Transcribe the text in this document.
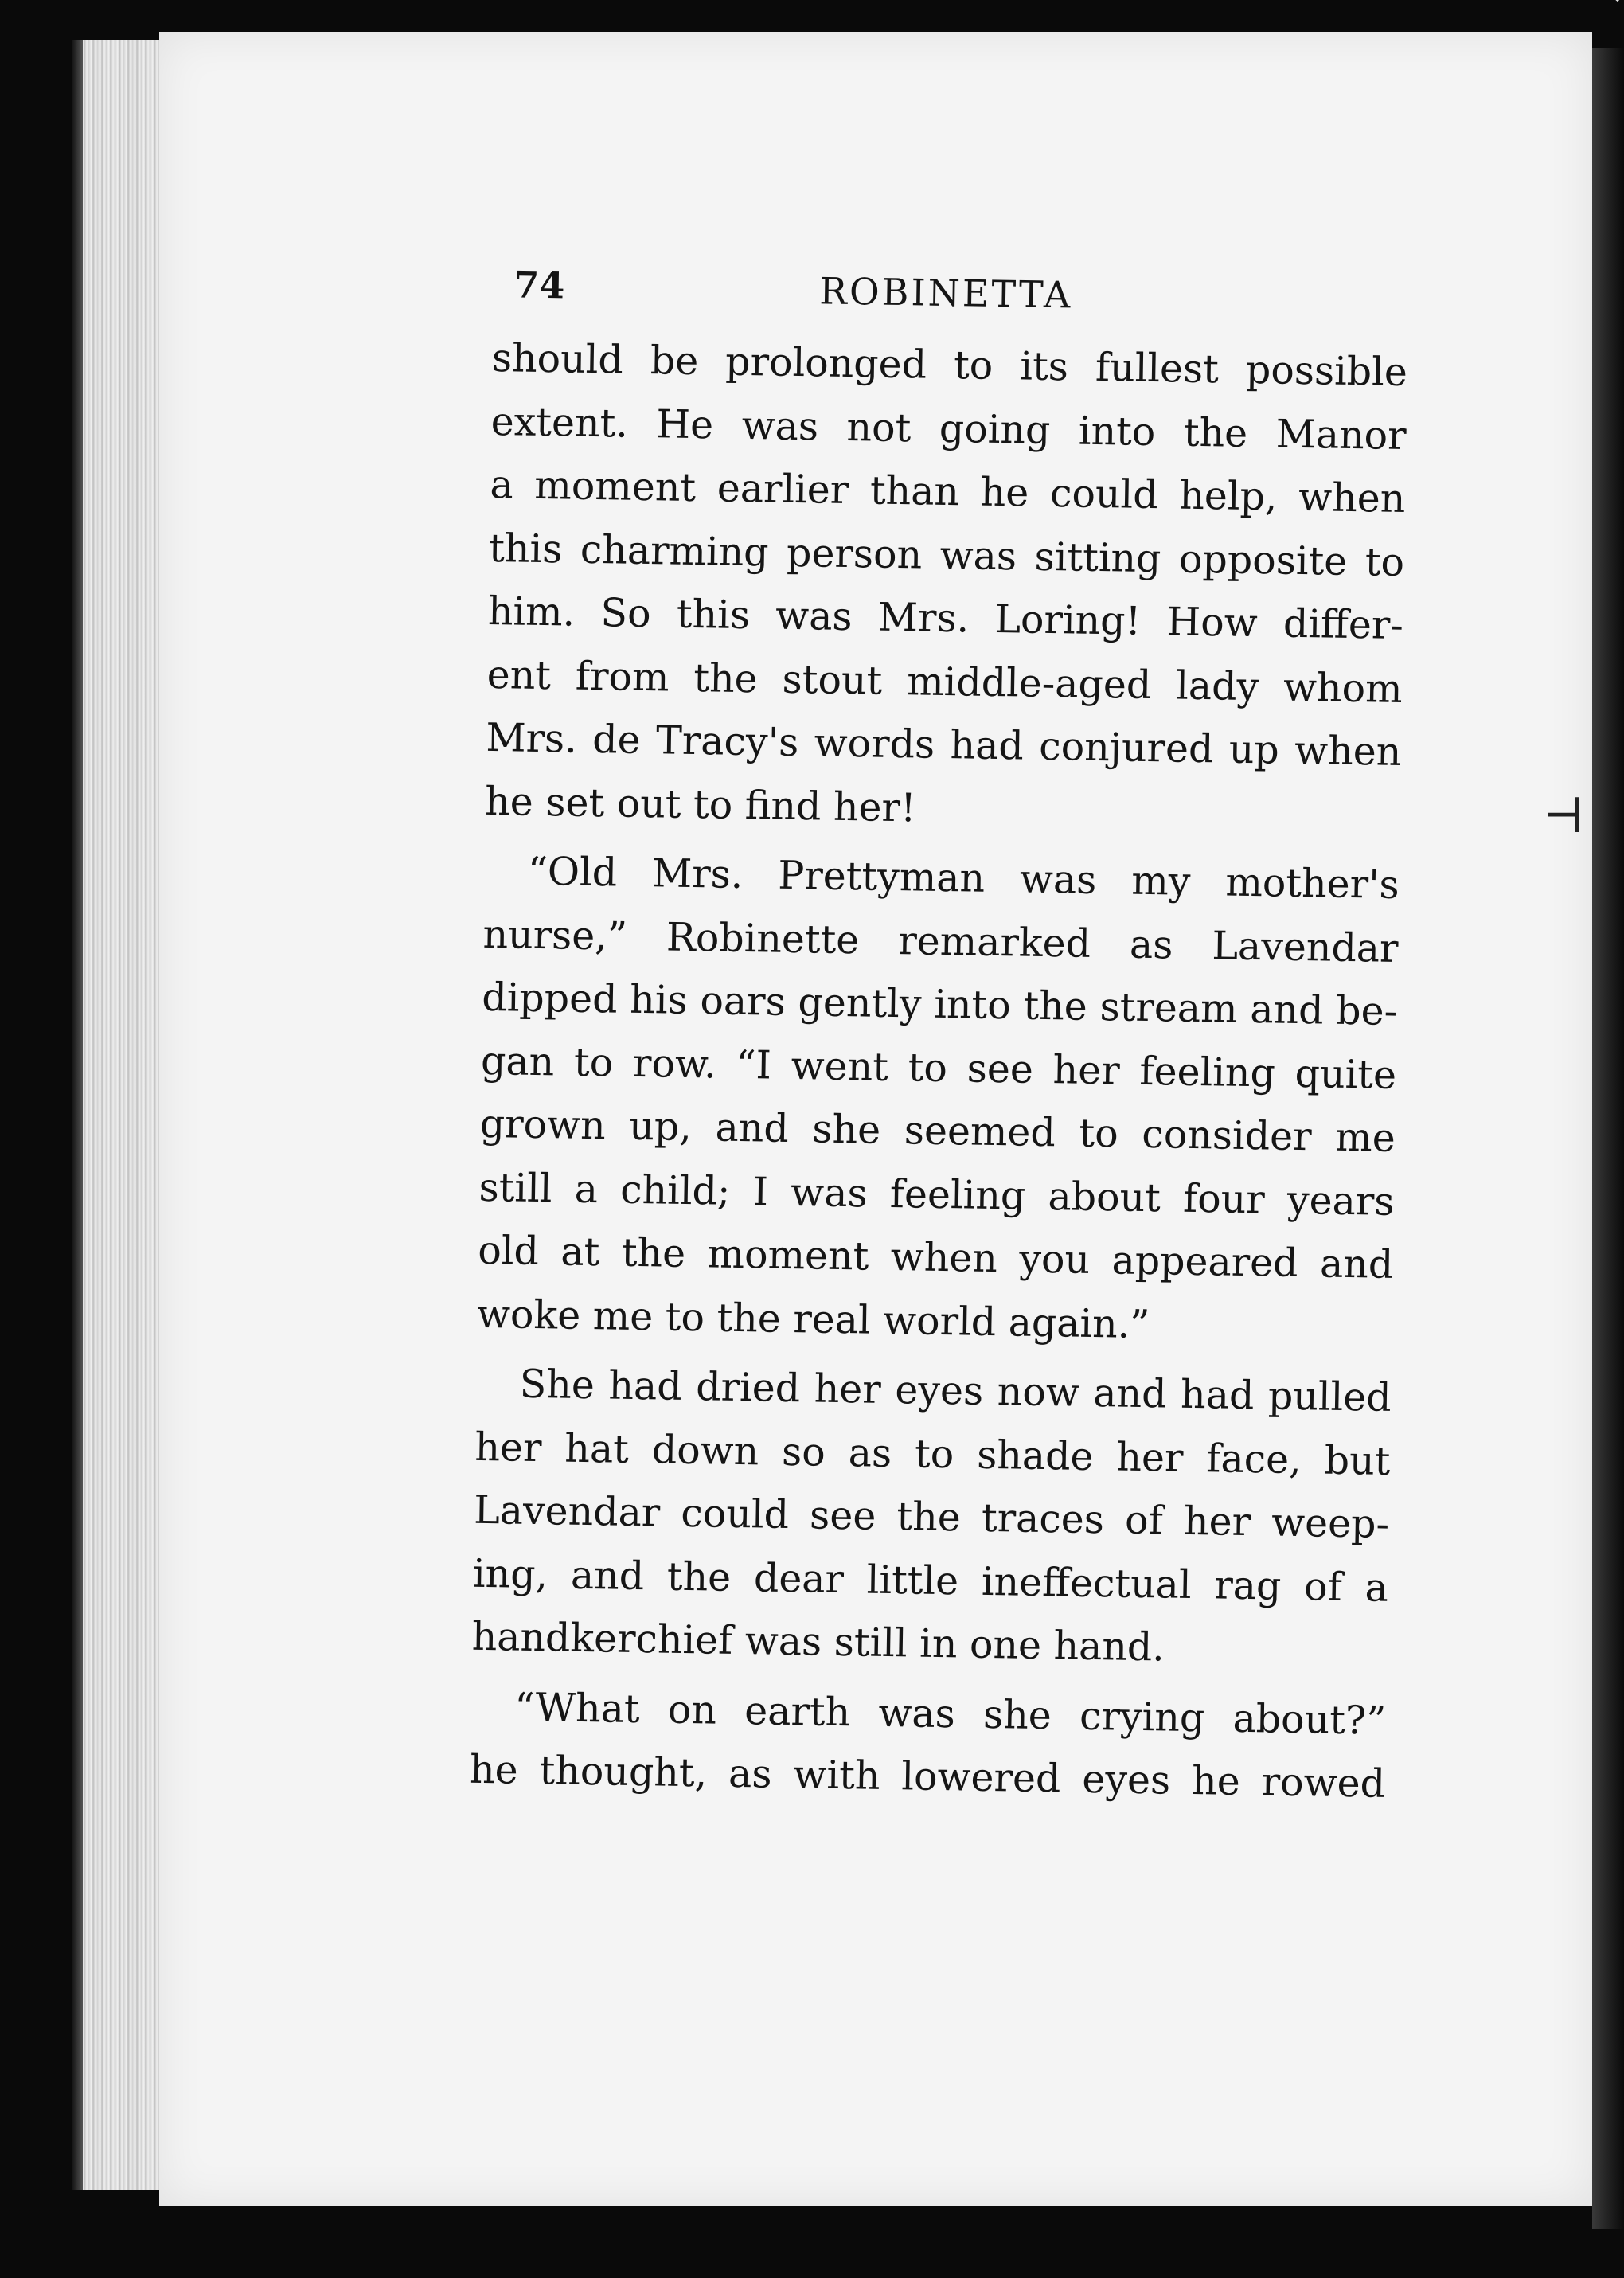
⊣
74	ROBINETTA
should be prolonged to its fullest possible
extent. He was not going into the Manor
a moment earlier than he could help, when
this charming person was sitting opposite to
him. So this was Mrs. Loring! How differ-
ent from the stout middle-aged lady whom
Mrs. de Tracy's words had conjured up when
he set out to find her!
“Old Mrs. Prettyman was my mother's
nurse,” Robinette remarked as Lavendar
dipped his oars gently into the stream and be-
gan to row. “I went to see her feeling quite
grown up, and she seemed to consider me
still a child; I was feeling about four years
old at the moment when you appeared and
woke me to the real world again.”
She had dried her eyes now and had pulled
her hat down so as to shade her face, but
Lavendar could see the traces of her weep-
ing, and the dear little ineffectual rag of a
handkerchief was still in one hand.
“What on earth was she crying about?”
he thought, as with lowered eyes he rowed
